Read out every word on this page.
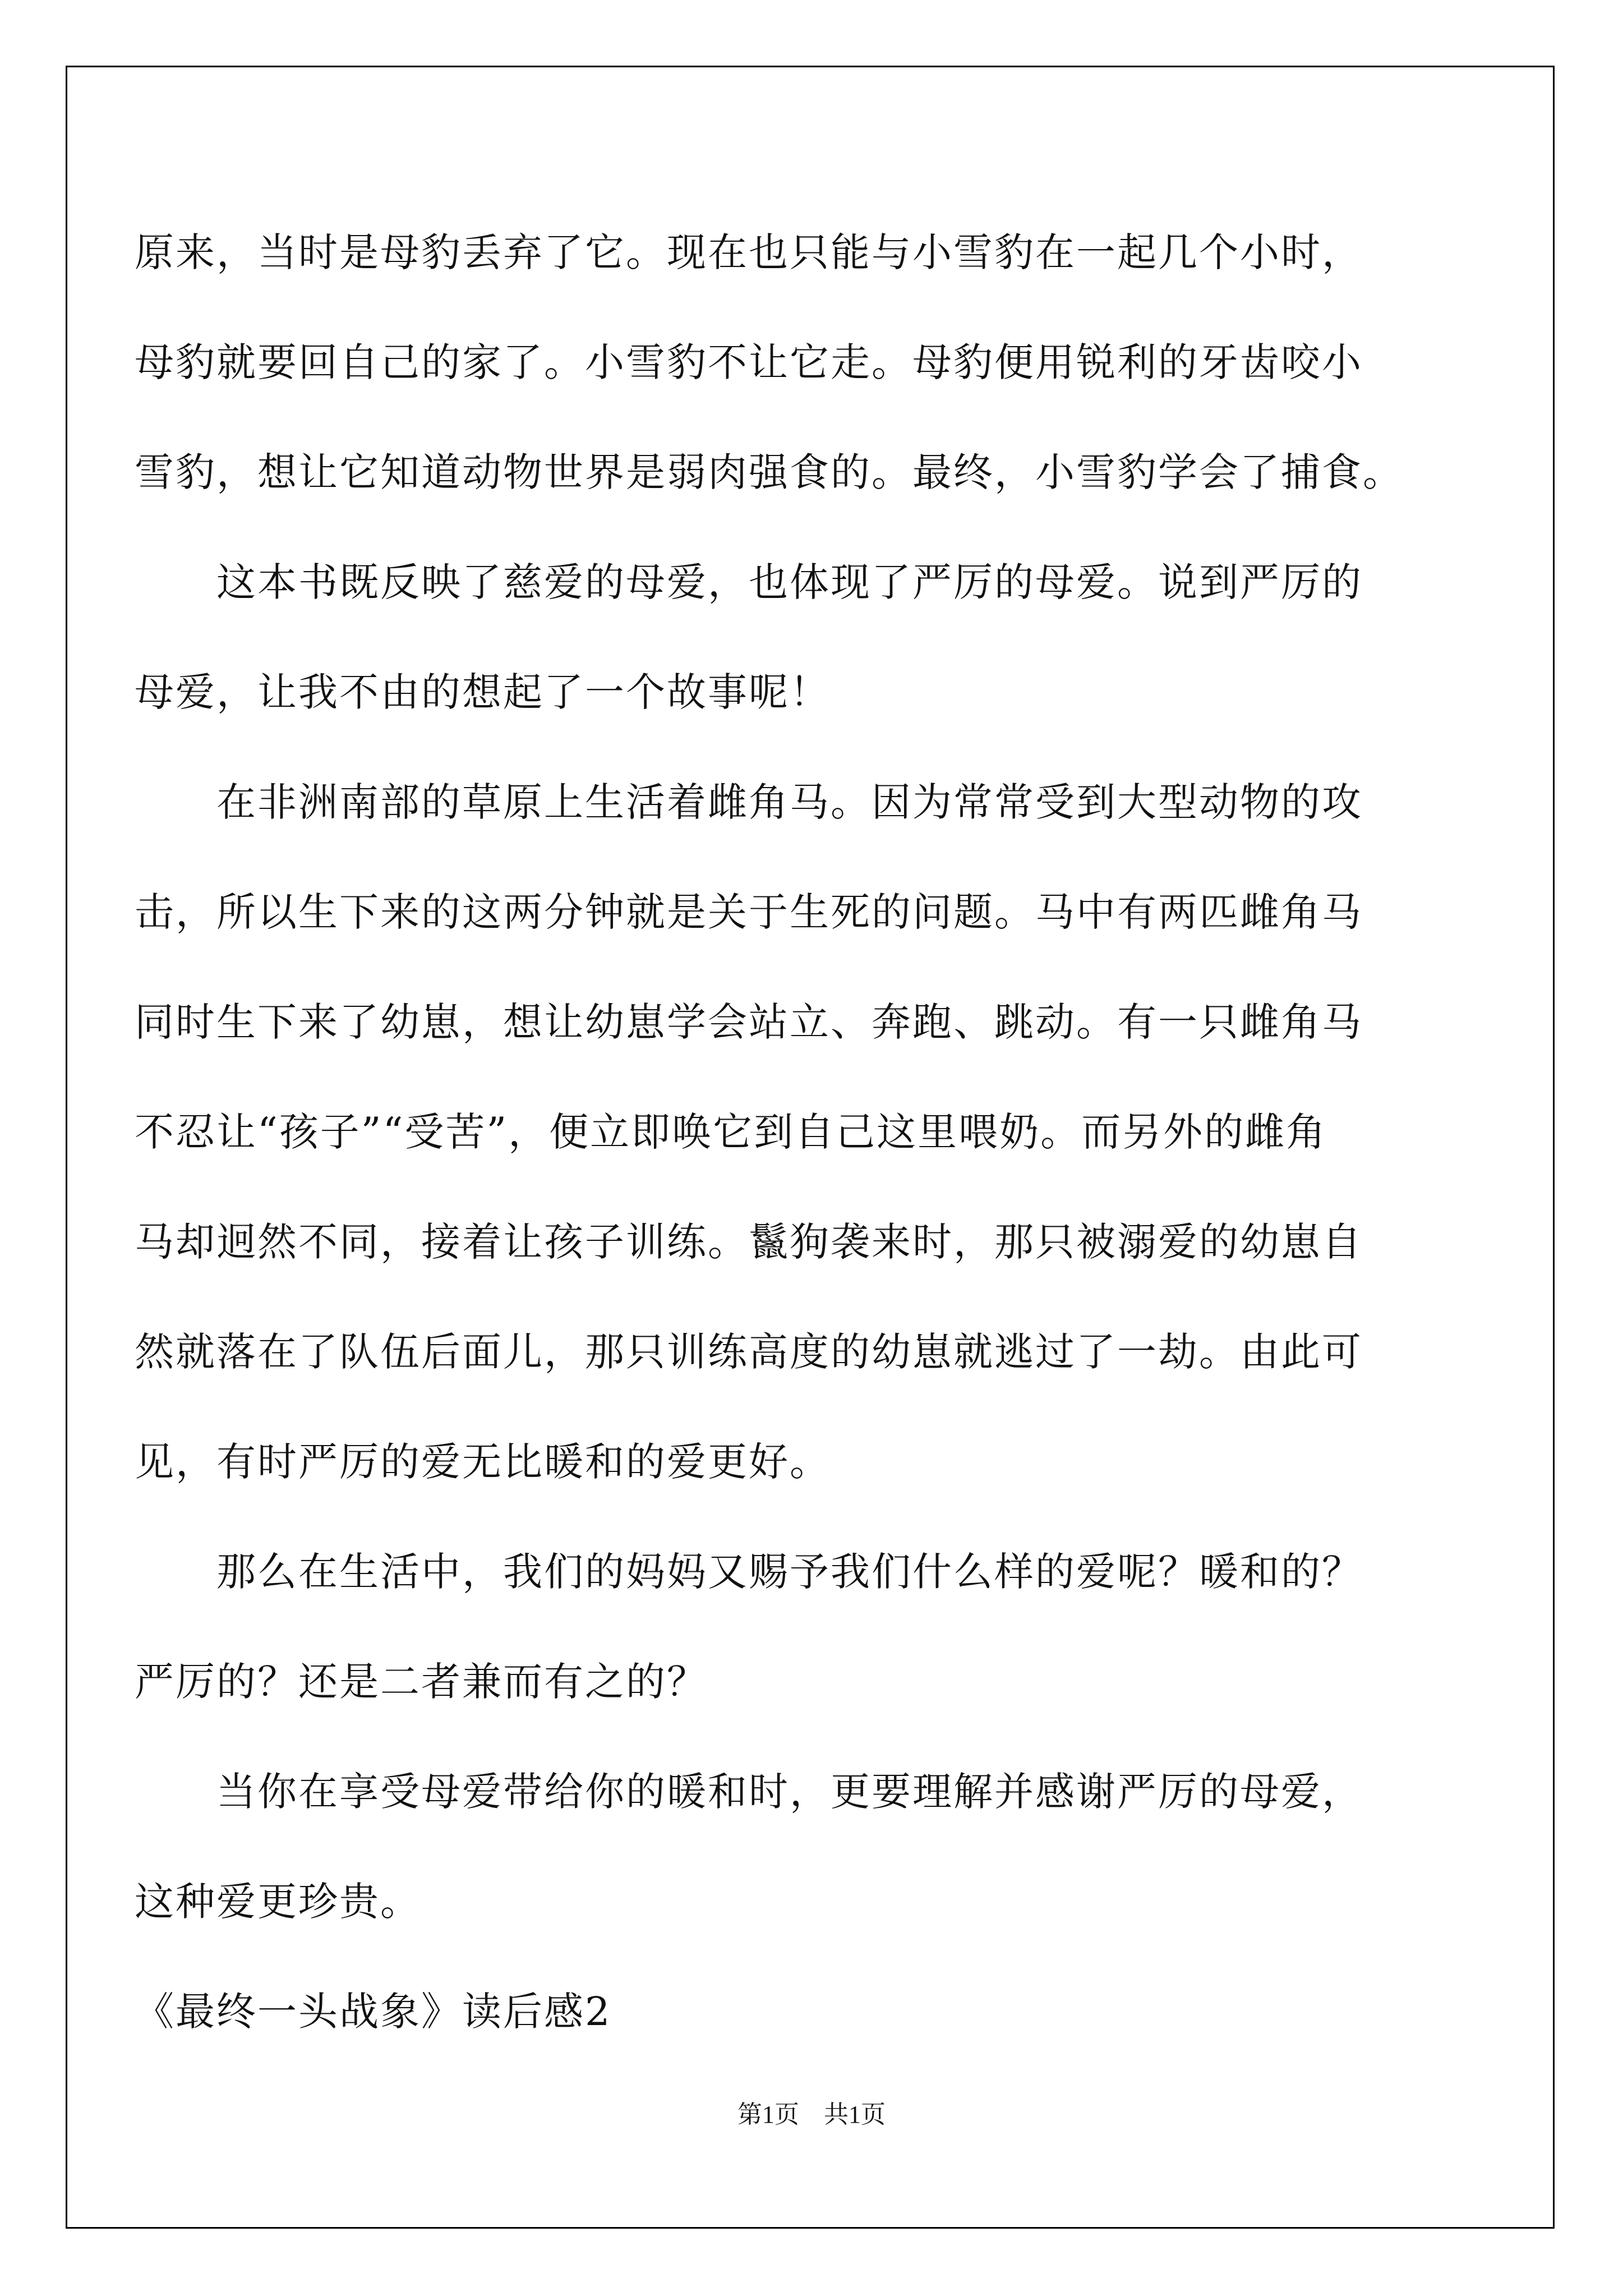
原来，当时是母豹丢弃了它。现在也只能与小雪豹在一起几个小时，
母豹就要回自己的家了。小雪豹不让它走。母豹便用锐利的牙齿咬小
雪豹，想让它知道动物世界是弱肉强食的。最终，小雪豹学会了捕食。
　　这本书既反映了慈爱的母爱，也体现了严厉的母爱。说到严厉的
母爱，让我不由的想起了一个故事呢！
　　在非洲南部的草原上生活着雌角马。因为常常受到大型动物的攻
击，所以生下来的这两分钟就是关于生死的问题。马中有两匹雌角马
同时生下来了幼崽，想让幼崽学会站立、奔跑、跳动。有一只雌角马
不忍让“孩子”“受苦”，便立即唤它到自己这里喂奶。而另外的雌角
马却迥然不同，接着让孩子训练。鬣狗袭来时，那只被溺爱的幼崽自
然就落在了队伍后面儿，那只训练高度的幼崽就逃过了一劫。由此可
见，有时严厉的爱无比暖和的爱更好。
　　那么在生活中，我们的妈妈又赐予我们什么样的爱呢？暖和的？
严厉的？还是二者兼而有之的？
　　当你在享受母爱带给你的暖和时，更要理解并感谢严厉的母爱，
这种爱更珍贵。
《最终一头战象》读后感2
第1页　共1页
